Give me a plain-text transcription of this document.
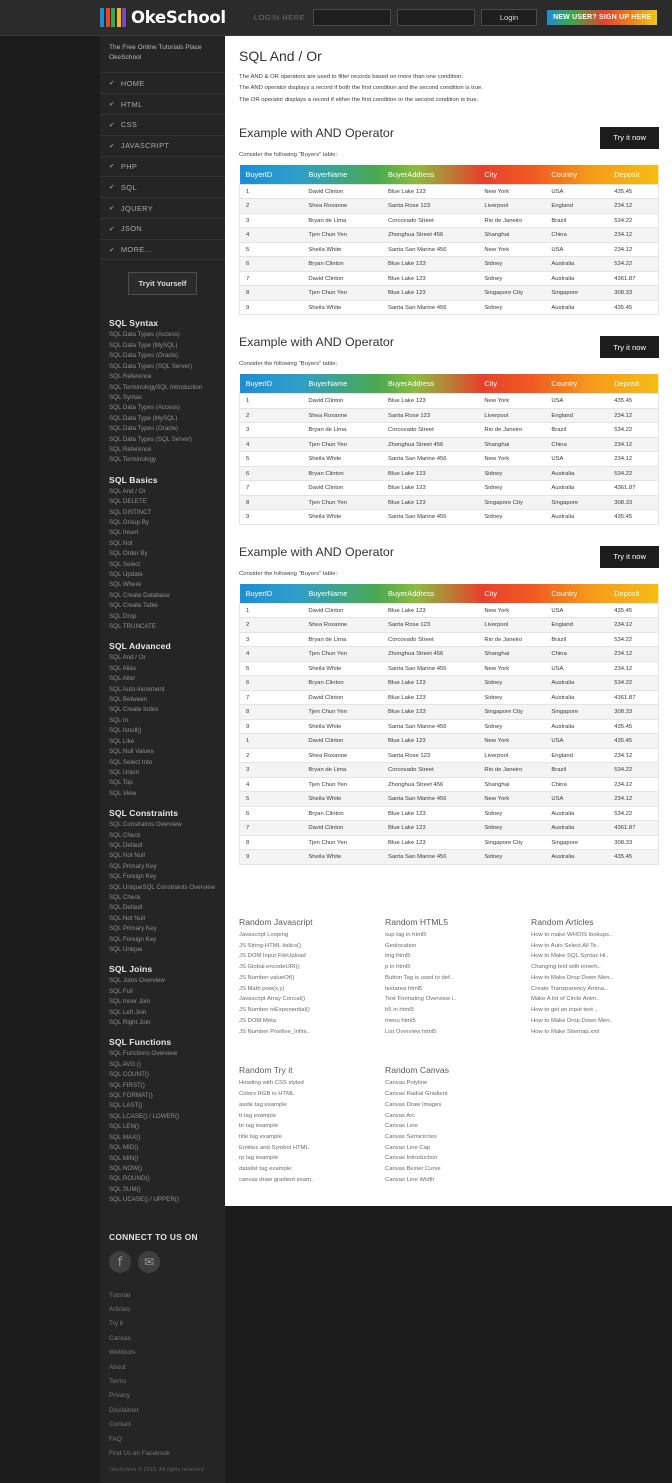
OkeSchool	LOGIN HERE	Login	NEW USER? SIGN UP HERE
The Free Online Tutorials Place OkeSchool
✔ HOME
✔ HTML
✔ CSS
✔ JAVASCRIPT
✔ PHP
✔ SQL
✔ JQUERY
✔ JSON
✔ MORE...
Tryit Yourself
SQL Syntax
SQL Data Types (Access)
SQL Data Type (MySQL)
SQL Data Types (Oracle)
SQL Data Types (SQL Server)
SQL Reference
SQL TerminologySQL Introduction
SQL Syntax
SQL Data Types (Access)
SQL Data Type (MySQL)
SQL Data Types (Oracle)
SQL Data Types (SQL Server)
SQL Reference
SQL Terminology
SQL Basics
SQL And / Or
SQL DELETE
SQL DISTINCT
SQL Group By
SQL Insert
SQL Not
SQL Order By
SQL Select
SQL Update
SQL Where
SQL Create Database
SQL Create Table
SQL Drop
SQL TRUNCATE
SQL Advanced
SQL And / Or
SQL Alias
SQL Alter
SQL Auto-increment
SQL Between
SQL Create Index
SQL In
SQL Isnull()
SQL Like
SQL Null Values
SQL Select Into
SQL Union
SQL Top
SQL View
SQL Constraints
SQL Constraints Overview
SQL Check
SQL Default
SQL Not Null
SQL Primary Key
SQL Foreign Key
SQL UniqueSQL Constraints Overview
SQL Check
SQL Default
SQL Not Null
SQL Primary Key
SQL Foreign Key
SQL Unique
SQL Joins
SQL Joins Overview
SQL Full
SQL Inner Join
SQL Left Join
SQL Right Join
SQL Functions
SQL Functions Overview
SQL AVG ()
SQL COUNT()
SQL FIRST()
SQL FORMAT()
SQL LAST()
SQL LCASE() / LOWER()
SQL LEN()
SQL MAX()
SQL MID()
SQL MIN()
SQL NOW()
SQL ROUND()
SQL SUM()
SQL UCASE() / UPPER()
CONNECT TO US ON
f	✉
Tutorial
Articles
Try it
Canvas
Webtools
About
Terms
Privacy
Disclaimer
Contact
FAQ
Find Us on Facebook
OkeSchool © 2015, All rights reserved
SQL And / Or

The AND & OR operators are used to filter records based on more than one condition.

The AND operator displays a record if both the first condition and the second condition is true.

The OR operator displays a record if either the first condition or the second condition is true.

Example with AND Operator	Try it now
Consider the following "Buyers" table:
BuyerID	BuyerName	BuyerAddress	City	Country	Deposit
1	David Clinton	Blue Lake 123	New York	USA	435.45
2	Shea Roxanne	Santa Rose 123	Liverpool	England	234.12
3	Bryan de Lima	Corcovado Street	Rio de Janeiro	Brazil	534.22
4	Tjen Chun Yen	Zhonghua Street 456	Shanghai	China	234.12
5	Sheila White	Santa San Marine 456	New York	USA	234.12
6	Bryan Clinton	Blue Lake 123	Sidney	Australia	534.22
7	David Clinton	Blue Lake 123	Sidney	Australia	4361.87
8	Tjen Chun Yen	Blue Lake 123	Singapore City	Singapore	308.33
9	Sheila White	Santa San Marine 456	Sidney	Australia	435.45
Example with AND Operator	Try it now
Consider the following "Buyers" table:
BuyerID	BuyerName	BuyerAddress	City	Country	Deposit
1	David Clinton	Blue Lake 123	New York	USA	435.45
2	Shea Roxanne	Santa Rose 123	Liverpool	England	234.12
3	Bryan de Lima	Corcovado Street	Rio de Janeiro	Brazil	534.22
4	Tjen Chun Yen	Zhonghua Street 456	Shanghai	China	234.12
5	Sheila White	Santa San Marine 456	New York	USA	234.12
6	Bryan Clinton	Blue Lake 123	Sidney	Australia	534.22
7	David Clinton	Blue Lake 123	Sidney	Australia	4361.87
8	Tjen Chun Yen	Blue Lake 123	Singapore City	Singapore	308.33
9	Sheila White	Santa San Marine 456	Sidney	Australia	435.45
Example with AND Operator	Try it now
Consider the following "Buyers" table:
BuyerID	BuyerName	BuyerAddress	City	Country	Deposit
1	David Clinton	Blue Lake 123	New York	USA	435.45
2	Shea Roxanne	Santa Rose 123	Liverpool	England	234.12
3	Bryan de Lima	Corcovado Street	Rio de Janeiro	Brazil	534.22
4	Tjen Chun Yen	Zhonghua Street 456	Shanghai	China	234.12
5	Sheila White	Santa San Marine 456	New York	USA	234.12
6	Bryan Clinton	Blue Lake 123	Sidney	Australia	534.22
7	David Clinton	Blue Lake 123	Sidney	Australia	4361.87
8	Tjen Chun Yen	Blue Lake 123	Singapore City	Singapore	308.33
9	Sheila White	Santa San Marine 456	Sidney	Australia	435.45
1	David Clinton	Blue Lake 123	New York	USA	435.45
2	Shea Roxanne	Santa Rose 123	Liverpool	England	234.12
3	Bryan de Lima	Corcovado Street	Rio de Janeiro	Brazil	534.22
4	Tjen Chun Yen	Zhonghua Street 456	Shanghai	China	234.12
5	Sheila White	Santa San Marine 456	New York	USA	234.12
6	Bryan Clinton	Blue Lake 123	Sidney	Australia	534.22
7	David Clinton	Blue Lake 123	Sidney	Australia	4361.87
8	Tjen Chun Yen	Blue Lake 123	Singapore City	Singapore	308.33
9	Sheila White	Santa San Marine 456	Sidney	Australia	435.45
Random Javascript
Javascript Looping
JS String-HTML italics()
JS DOM Input FileUpload
JS Global encodeURI()
JS Number valueOf()
JS Math pow(x,y)
Javascript Array Concat()
JS Number toExponential()
JS DOM Meta
JS Number Positive_Infini..
Random HTML5
sup tag in html5
Geolocation
img html5
p in html5
Button Tag is used to def..
textarea html5
Text Formating Overview i..
h5 in html5
menu html5
List Overview html5
Random Articles
How to make WHOIS lookups..
How to Auto Select All Te..
How to Make SQL Syntax Hi..
Changing text with innerh..
How to Make Drop Down Men..
Create Transparency Anima..
Make A lot of Circle Anim..
How to get an input text ..
How to Make Drop Down Men..
How to Make Sitemap.xml
Random Try it
Heading with CSS styled
Colors RGB in HTML
aside tag example
tt tag example
br tag example
title tag example
Entities and Symbol HTML
rp tag example
datalist tag example
canvas draw gradient exam..
Random Canvas
Canvas Polyline
Canvas Radial Gradient
Canvas Draw Images
Canvas Arc
Canvas Line
Canvas Semicircles
Canvas Line Cap
Canvas Introduction
Canvas Bezier Curve
Canvas Line Width
